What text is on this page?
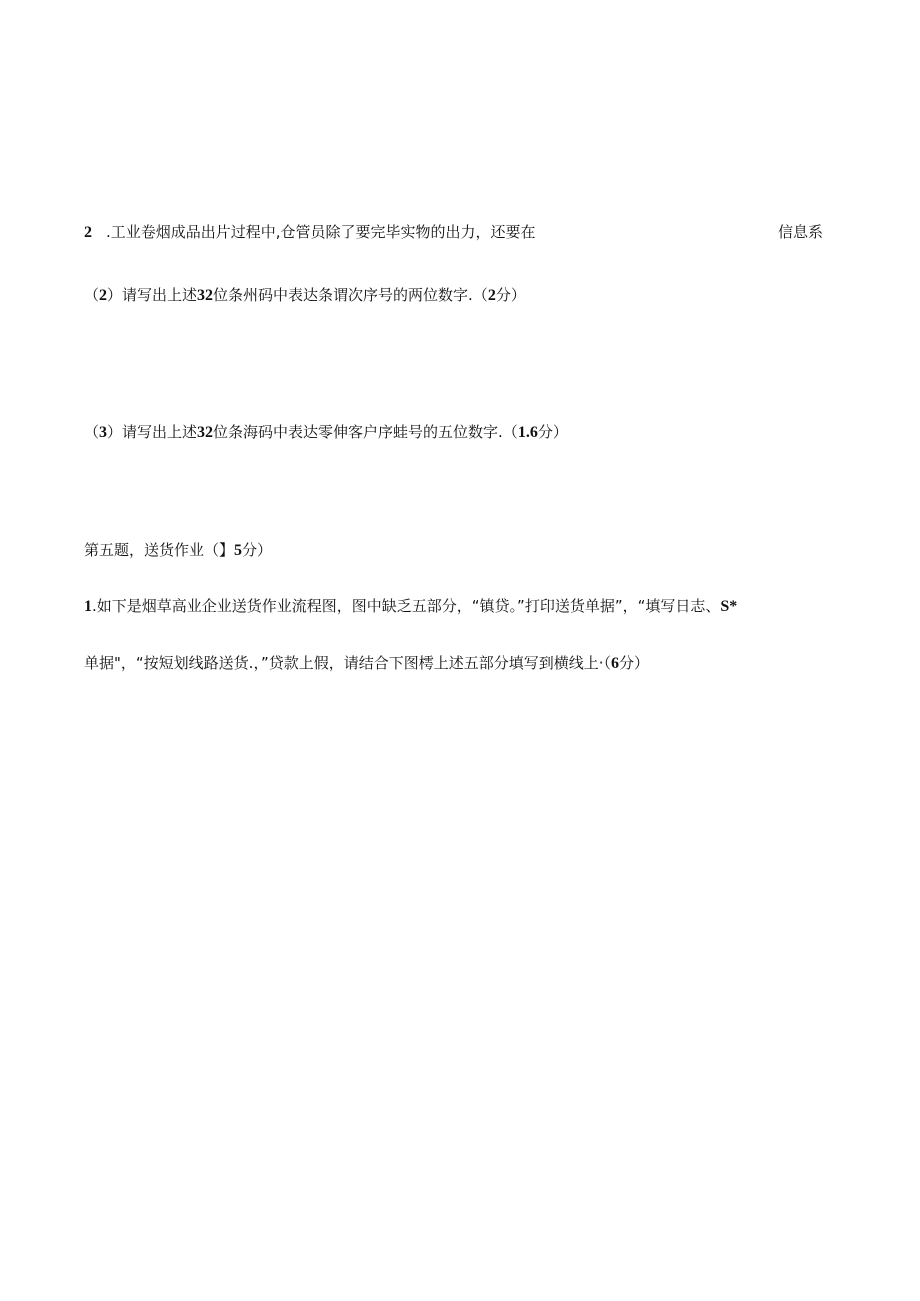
2 .工业卷烟成品出片过程中,仓管员除了要完毕实物的出力，还要在	信息系
（2）请写出上述32位条州码中表达条谓次序号的两位数字.（2分）
（3）请写出上述32位条海码中表达零伸客户序蛙号的五位数字.（1.6分）
第五题，送货作业（】5分）
1.如下是烟草高业企业送货作业流程图，图中缺乏五部分，“镇贷。”打印送货单据”，“填写日志、S*
单据"，“按短划线路送货.，”贷款上假，请结合下图樗上述五部分填写到横线上·（6分）
